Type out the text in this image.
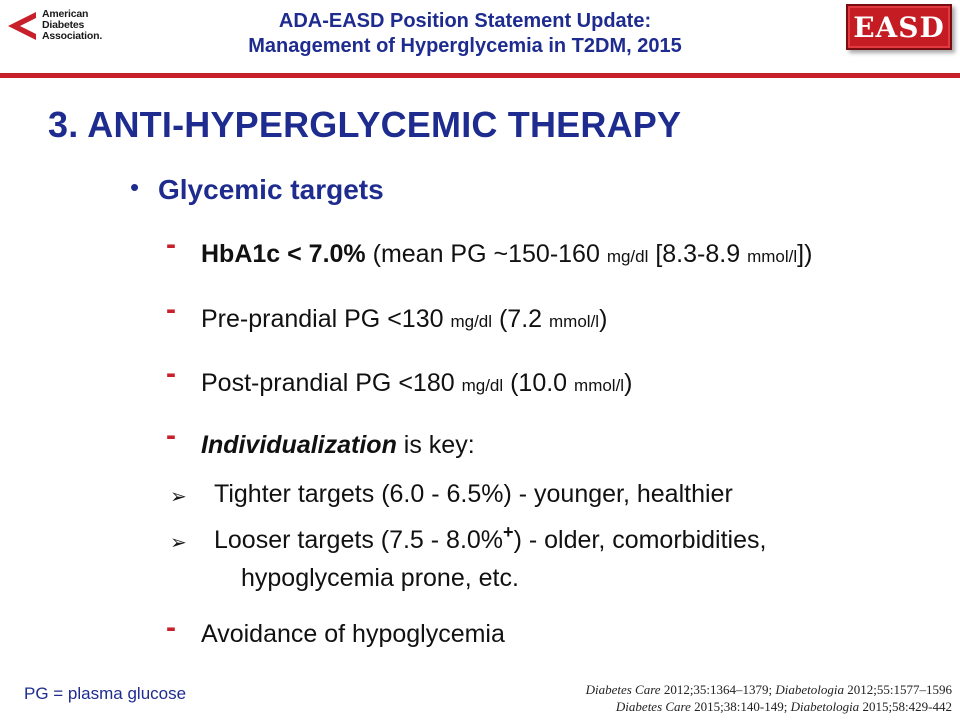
American
Diabetes
Association.
ADA-EASD Position Statement Update:
Management of Hyperglycemia in T2DM, 2015
EASD
3. ANTI-HYPERGLYCEMIC THERAPY
• Glycemic targets
- HbA1c < 7.0% (mean PG ~150-160 mg/dl [8.3-8.9 mmol/l])
- Pre-prandial PG <130 mg/dl (7.2 mmol/l)
- Post-prandial PG <180 mg/dl (10.0 mmol/l)
- Individualization is key:
➢ Tighter targets (6.0 - 6.5%) - younger, healthier
➢ Looser targets (7.5 - 8.0%+) - older, comorbidities,
hypoglycemia prone, etc.
- Avoidance of hypoglycemia
PG = plasma glucose	Diabetes Care 2012;35:1364–1379; Diabetologia 2012;55:1577–1596
Diabetes Care 2015;38:140-149; Diabetologia 2015;58:429-442
